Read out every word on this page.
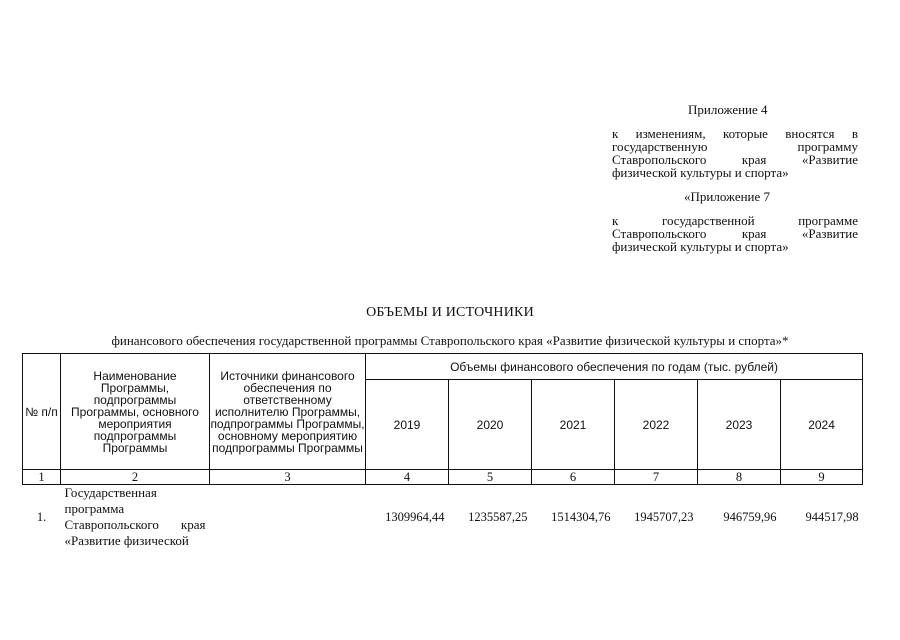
Приложение 4
к изменениям, которые вносятся в государственную программу Ставропольского края «Развитие физической культуры и спорта»
«Приложение 7
к государственной программе Ставропольского края «Развитие физической культуры и спорта»
ОБЪЕМЫ И ИСТОЧНИКИ
финансового обеспечения государственной программы Ставропольского края «Развитие физической культуры и спорта»*
№ п/п	Наименование Программы, подпрограммы Программы, основного мероприятия подпрограммы Программы	Источники финансового обеспечения по ответственному исполнителю Программы, подпрограммы Программы, основному мероприятию подпрограммы Программы	Объемы финансового обеспечения по годам (тыс. рублей)					
			2019	2020	2021	2022	2023	2024
1	2	3	4	5	6	7	8	9
1.	Государственная программа Ставропольского края «Развитие физической		1309964,44	1235587,25	1514304,76	1945707,23	946759,96	944517,98
